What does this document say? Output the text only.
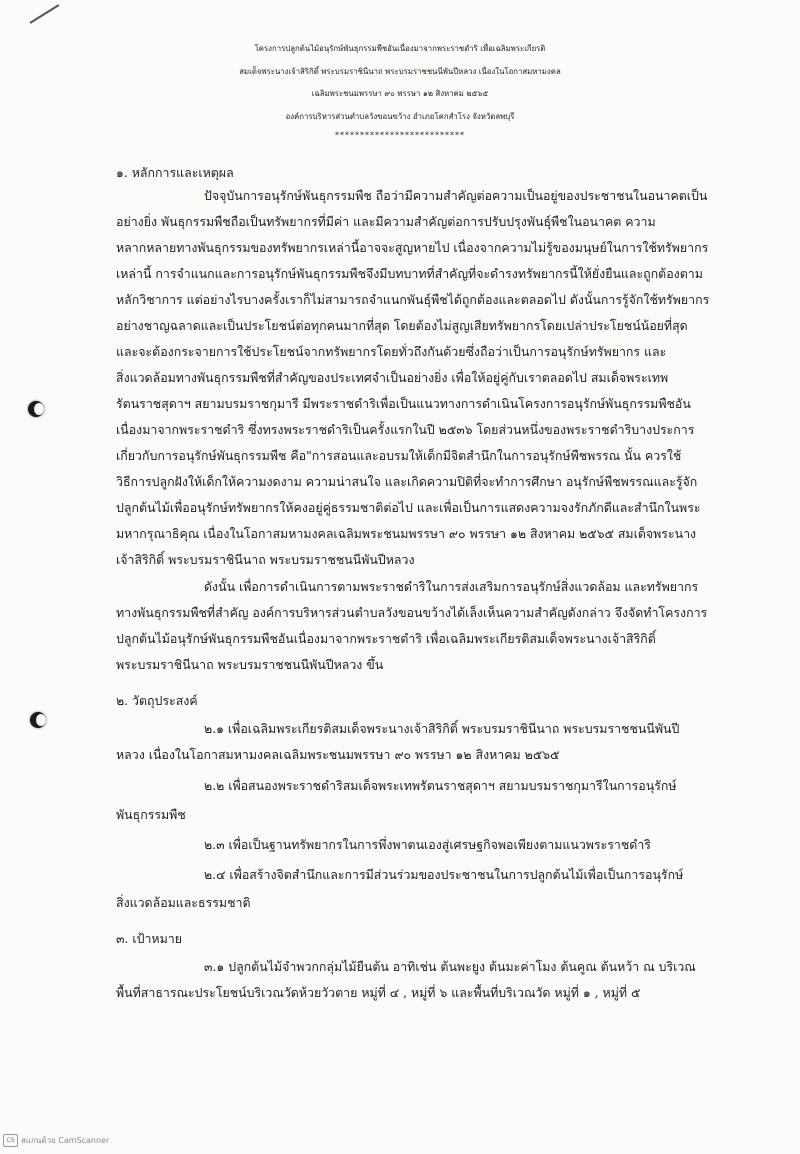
โครงการปลูกต้นไม้อนุรักษ์พันธุกรรมพืชอันเนื่องมาจากพระราชดำริ เพื่อเฉลิมพระเกียรติ
สมเด็จพระนางเจ้าสิริกิติ์ พระบรมราชินีนาถ พระบรมราชชนนีพันปีหลวง เนื่องในโอกาสมหามงคล
เฉลิมพระชนมพรรษา ๙๐ พรรษา ๑๒ สิงหาคม ๒๕๖๕
องค์การบริหารส่วนตำบลวังขอนขว้าง อำเภอโคกสำโรง จังหวัดลพบุรี
**************************
๑. หลักการและเหตุผล
ปัจจุบันการอนุรักษ์พันธุกรรมพืช ถือว่ามีความสำคัญต่อความเป็นอยู่ของประชาชนในอนาคตเป็น
อย่างยิ่ง พันธุกรรมพืชถือเป็นทรัพยากรที่มีค่า และมีความสำคัญต่อการปรับปรุงพันธุ์พืชในอนาคต ความ
หลากหลายทางพันธุกรรมของทรัพยากรเหล่านี้อาจจะสูญหายไป เนื่องจากความไม่รู้ของมนุษย์ในการใช้ทรัพยากร
เหล่านี้ การจำแนกและการอนุรักษ์พันธุกรรมพืชจึงมีบทบาทที่สำคัญที่จะดำรงทรัพยากรนี้ให้ยั่งยืนและถูกต้องตาม
หลักวิชาการ แต่อย่างไรบางครั้งเราก็ไม่สามารถจำแนกพันธุ์พืชได้ถูกต้องและตลอดไป ดังนั้นการรู้จักใช้ทรัพยากร
อย่างชาญฉลาดและเป็นประโยชน์ต่อทุกคนมากที่สุด โดยต้องไม่สูญเสียทรัพยากรโดยเปล่าประโยชน์น้อยที่สุด
และจะต้องกระจายการใช้ประโยชน์จากทรัพยากรโดยทั่วถึงกันด้วยซึ่งถือว่าเป็นการอนุรักษ์ทรัพยากร และ
สิ่งแวดล้อมทางพันธุกรรมพืชที่สำคัญของประเทศจำเป็นอย่างยิ่ง เพื่อให้อยู่คู่กับเราตลอดไป สมเด็จพระเทพ
รัตนราชสุดาฯ สยามบรมราชกุมารี มีพระราชดำริเพื่อเป็นแนวทางการดำเนินโครงการอนุรักษ์พันธุกรรมพืชอัน
เนื่องมาจากพระราชดำริ ซึ่งทรงพระราชดำริเป็นครั้งแรกในปี ๒๕๓๖ โดยส่วนหนึ่งของพระราชดำริบางประการ
เกี่ยวกับการอนุรักษ์พันธุกรรมพืช คือ"การสอนและอบรมให้เด็กมีจิตสำนึกในการอนุรักษ์พืชพรรณ นั้น ควรใช้
วิธีการปลูกฝังให้เด็กให้ความงดงาม ความน่าสนใจ และเกิดความปิติที่จะทำการศึกษา อนุรักษ์พืชพรรณและรู้จัก
ปลูกต้นไม้เพื่ออนุรักษ์ทรัพยากรให้คงอยู่คู่ธรรมชาติต่อไป และเพื่อเป็นการแสดงความจงรักภักดีและสำนึกในพระ
มหากรุณาธิคุณ เนื่องในโอกาสมหามงคลเฉลิมพระชนมพรรษา ๙๐ พรรษา ๑๒ สิงหาคม ๒๕๖๕ สมเด็จพระนาง
เจ้าสิริกิติ์ พระบรมราชินีนาถ พระบรมราชชนนีพันปีหลวง
ดังนั้น เพื่อการดำเนินการตามพระราชดำริในการส่งเสริมการอนุรักษ์สิ่งแวดล้อม และทรัพยากร
ทางพันธุกรรมพืชที่สำคัญ องค์การบริหารส่วนตำบลวังขอนขว้างได้เล็งเห็นความสำคัญดังกล่าว จึงจัดทำโครงการ
ปลูกต้นไม้อนุรักษ์พันธุกรรมพืชอันเนื่องมาจากพระราชดำริ เพื่อเฉลิมพระเกียรติสมเด็จพระนางเจ้าสิริกิติ์
พระบรมราชินีนาถ พระบรมราชชนนีพันปีหลวง ขึ้น
๒. วัตถุประสงค์
๒.๑ เพื่อเฉลิมพระเกียรติสมเด็จพระนางเจ้าสิริกิติ์ พระบรมราชินีนาถ พระบรมราชชนนีพันปี
หลวง เนื่องในโอกาสมหามงคลเฉลิมพระชนมพรรษา ๙๐ พรรษา ๑๒ สิงหาคม ๒๕๖๕
๒.๒ เพื่อสนองพระราชดำริสมเด็จพระเทพรัตนราชสุดาฯ สยามบรมราชกุมารีในการอนุรักษ์
พันธุกรรมพืช
๒.๓ เพื่อเป็นฐานทรัพยากรในการพึ่งพาตนเองสู่เศรษฐกิจพอเพียงตามแนวพระราชดำริ
๒.๔ เพื่อสร้างจิตสำนึกและการมีส่วนร่วมของประชาชนในการปลูกต้นไม้เพื่อเป็นการอนุรักษ์
สิ่งแวดล้อมและธรรมชาติ
๓. เป้าหมาย
๓.๑ ปลูกต้นไม้จำพวกกลุ่มไม้ยืนต้น อาทิเช่น ต้นพะยูง ต้นมะค่าโมง ต้นคูณ ต้นหว้า ณ บริเวณ
พื้นที่สาธารณะประโยชน์บริเวณวัดห้วยวัวตาย หมู่ที่ ๔ , หมู่ที่ ๖ และพื้นที่บริเวณวัด หมู่ที่ ๑ , หมู่ที่ ๕
CS สแกนด้วย CamScanner
